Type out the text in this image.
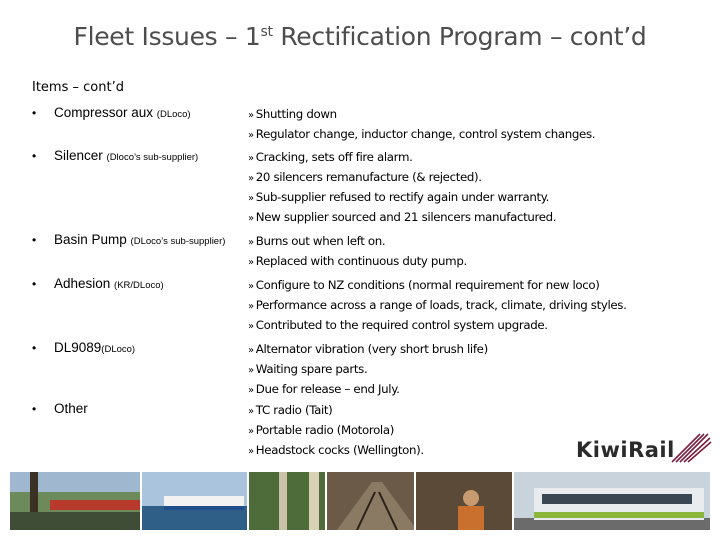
Fleet Issues – 1st Rectification Program – cont’d
Items – cont’d
• Compressor aux (DLoco)	» Shutting down
» Regulator change, inductor change, control system changes.
• Silencer (Dloco’s sub-supplier)	» Cracking, sets off fire alarm.
» 20 silencers remanufacture (& rejected).
» Sub-supplier refused to rectify again under warranty.
» New supplier sourced and 21 silencers manufactured.
• Basin Pump (DLoco’s sub-supplier)	» Burns out when left on.
» Replaced with continuous duty pump.
• Adhesion (KR/DLoco)	» Configure to NZ conditions (normal requirement for new loco)
» Performance across a range of loads, track, climate, driving styles.
» Contributed to the required control system upgrade.
• DL9089(DLoco)	» Alternator vibration (very short brush life)
» Waiting spare parts.
» Due for release – end July.
• Other	» TC radio (Tait)
» Portable radio (Motorola)
» Headstock cocks (Wellington).	KiwiRail
